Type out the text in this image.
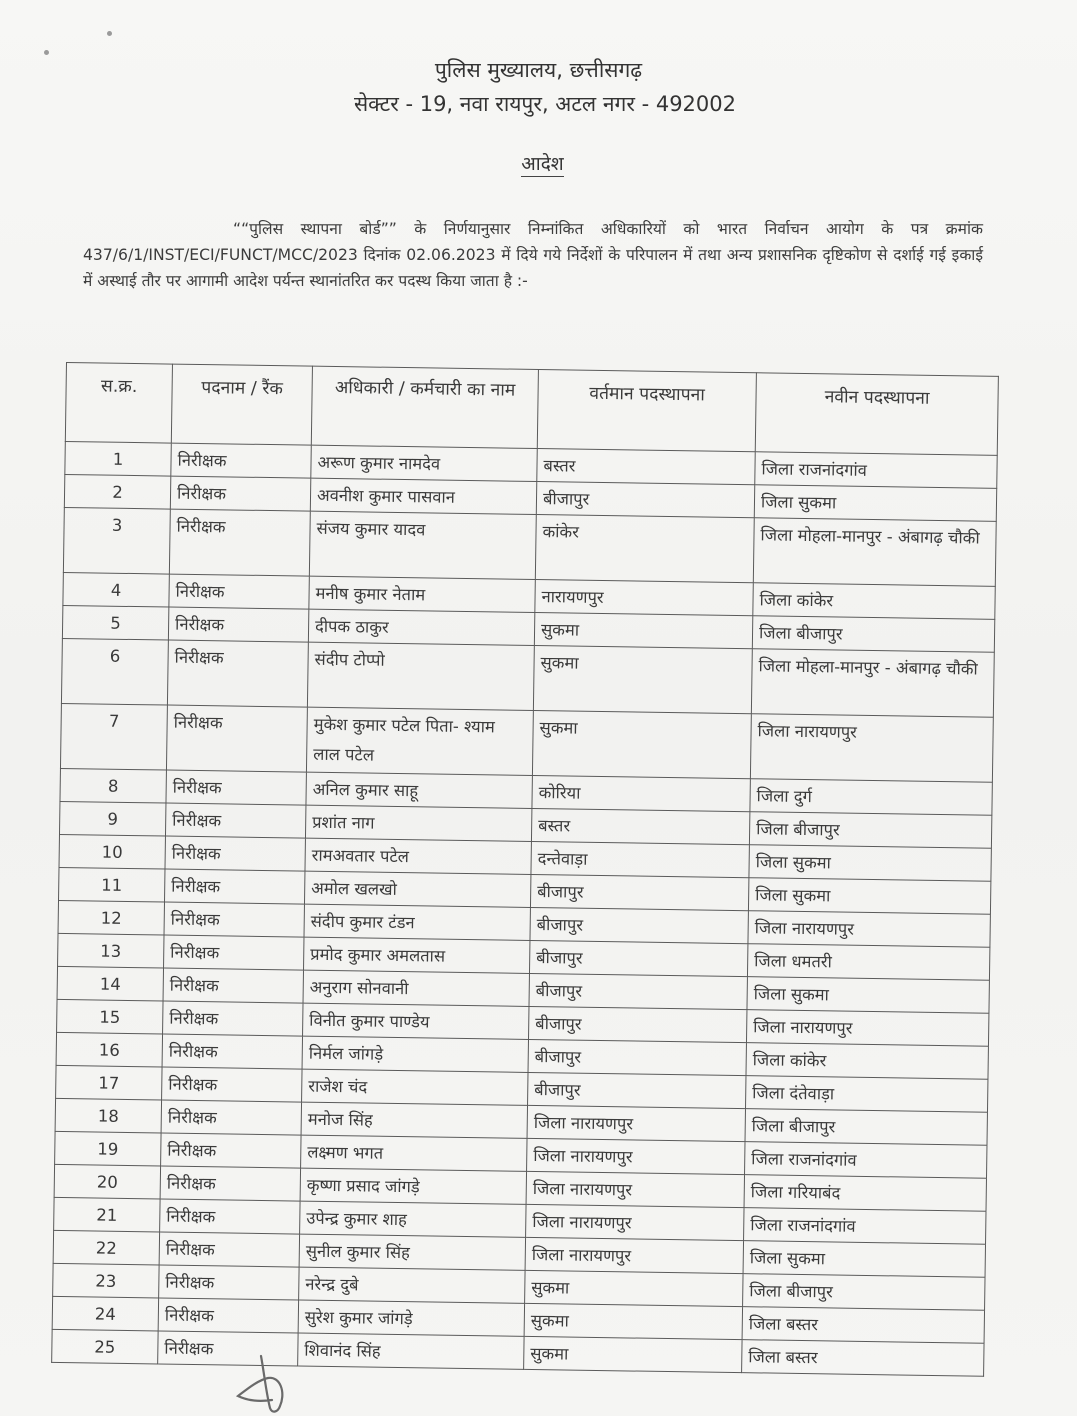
पुलिस मुख्यालय, छत्तीसगढ़
सेक्टर - 19, नवा रायपुर, अटल नगर - 492002
आदेश
““पुलिस स्थापना बोर्ड”” के निर्णयानुसार निम्नांकित अधिकारियों को भारत निर्वाचन आयोग के पत्र क्रमांक 437/6/1/INST/ECI/FUNCT/MCC/2023 दिनांक 02.06.2023 में दिये गये निर्देशों के परिपालन में तथा अन्य प्रशासनिक दृष्टिकोण से दर्शाई गई इकाई में अस्थाई तौर पर आगामी आदेश पर्यन्त स्थानांतरित कर पदस्थ किया जाता है :-
स.क्र.	पदनाम / रैंक	अधिकारी / कर्मचारी का नाम	वर्तमान पदस्थापना	नवीन पदस्थापना
1	निरीक्षक	अरूण कुमार नामदेव	बस्तर	जिला राजनांदगांव
2	निरीक्षक	अवनीश कुमार पासवान	बीजापुर	जिला सुकमा
3	निरीक्षक	संजय कुमार यादव	कांकेर	जिला मोहला-मानपुर - अंबागढ़ चौकी
4	निरीक्षक	मनीष कुमार नेताम	नारायणपुर	जिला कांकेर
5	निरीक्षक	दीपक ठाकुर	सुकमा	जिला बीजापुर
6	निरीक्षक	संदीप टोप्पो	सुकमा	जिला मोहला-मानपुर - अंबागढ़ चौकी
7	निरीक्षक	मुकेश कुमार पटेल पिता- श्याम लाल पटेल	सुकमा	जिला नारायणपुर
8	निरीक्षक	अनिल कुमार साहू	कोरिया	जिला दुर्ग
9	निरीक्षक	प्रशांत नाग	बस्तर	जिला बीजापुर
10	निरीक्षक	रामअवतार पटेल	दन्तेवाड़ा	जिला सुकमा
11	निरीक्षक	अमोल खलखो	बीजापुर	जिला सुकमा
12	निरीक्षक	संदीप कुमार टंडन	बीजापुर	जिला नारायणपुर
13	निरीक्षक	प्रमोद कुमार अमलतास	बीजापुर	जिला धमतरी
14	निरीक्षक	अनुराग सोनवानी	बीजापुर	जिला सुकमा
15	निरीक्षक	विनीत कुमार पाण्डेय	बीजापुर	जिला नारायणपुर
16	निरीक्षक	निर्मल जांगड़े	बीजापुर	जिला कांकेर
17	निरीक्षक	राजेश चंद	बीजापुर	जिला दंतेवाड़ा
18	निरीक्षक	मनोज सिंह	जिला नारायणपुर	जिला बीजापुर
19	निरीक्षक	लक्ष्मण भगत	जिला नारायणपुर	जिला राजनांदगांव
20	निरीक्षक	कृष्णा प्रसाद जांगड़े	जिला नारायणपुर	जिला गरियाबंद
21	निरीक्षक	उपेन्द्र कुमार शाह	जिला नारायणपुर	जिला राजनांदगांव
22	निरीक्षक	सुनील कुमार सिंह	जिला नारायणपुर	जिला सुकमा
23	निरीक्षक	नरेन्द्र दुबे	सुकमा	जिला बीजापुर
24	निरीक्षक	सुरेश कुमार जांगड़े	सुकमा	जिला बस्तर
25	निरीक्षक	शिवानंद सिंह	सुकमा	जिला बस्तर
